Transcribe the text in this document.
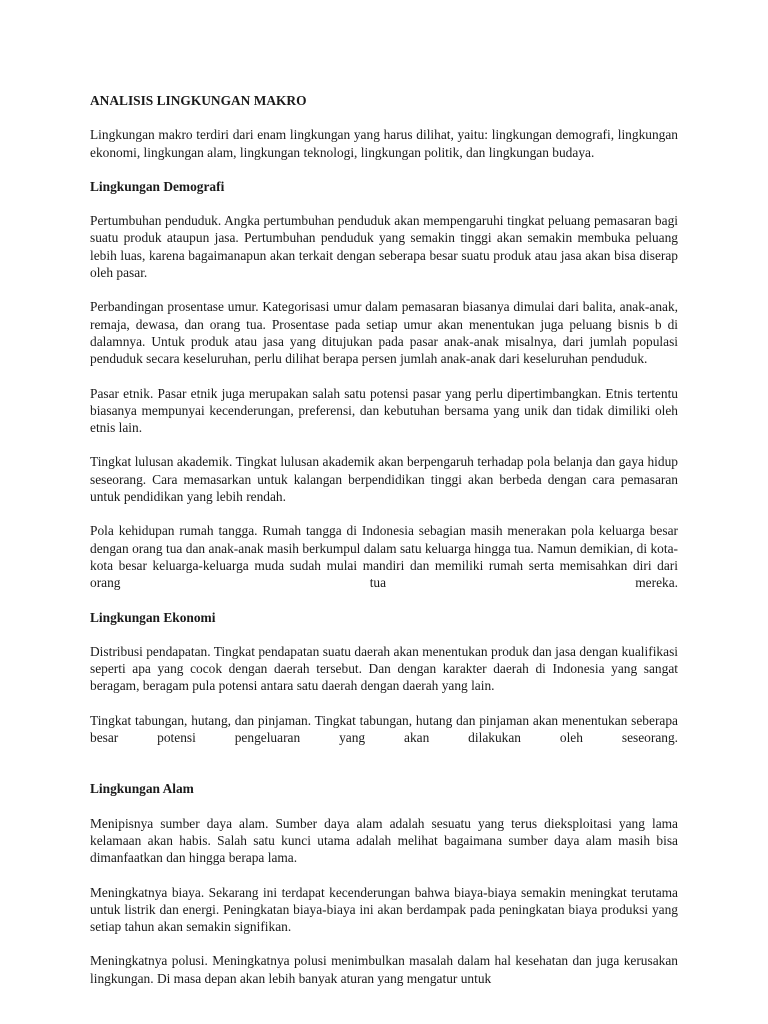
ANALISIS LINGKUNGAN MAKRO

Lingkungan makro terdiri dari enam lingkungan yang harus dilihat, yaitu: lingkungan demografi, lingkungan ekonomi, lingkungan alam, lingkungan teknologi, lingkungan politik, dan lingkungan budaya.

Lingkungan Demografi

Pertumbuhan penduduk. Angka pertumbuhan penduduk akan mempengaruhi tingkat peluang pemasaran bagi suatu produk ataupun jasa. Pertumbuhan penduduk yang semakin tinggi akan semakin membuka peluang lebih luas, karena bagaimanapun akan terkait dengan seberapa besar suatu produk atau jasa akan bisa diserap oleh pasar.

Perbandingan prosentase umur. Kategorisasi umur dalam pemasaran biasanya dimulai dari balita, anak-anak, remaja, dewasa, dan orang tua. Prosentase pada setiap umur akan menentukan juga peluang bisnis b di dalamnya. Untuk produk atau jasa yang ditujukan pada pasar anak-anak misalnya, dari jumlah populasi penduduk secara keseluruhan, perlu dilihat berapa persen jumlah anak-anak dari keseluruhan penduduk.

Pasar etnik. Pasar etnik juga merupakan salah satu potensi pasar yang perlu dipertimbangkan. Etnis tertentu biasanya mempunyai kecenderungan, preferensi, dan kebutuhan bersama yang unik dan tidak dimiliki oleh etnis lain.

Tingkat lulusan akademik. Tingkat lulusan akademik akan berpengaruh terhadap pola belanja dan gaya hidup seseorang. Cara memasarkan untuk kalangan berpendidikan tinggi akan berbeda dengan cara pemasaran untuk pendidikan yang lebih rendah.

Pola kehidupan rumah tangga. Rumah tangga di Indonesia sebagian masih menerakan pola keluarga besar dengan orang tua dan anak-anak masih berkumpul dalam satu keluarga hingga tua. Namun demikian, di kota-kota besar keluarga-keluarga muda sudah mulai mandiri dan memiliki rumah serta memisahkan diri dari orang tua mereka.

Lingkungan Ekonomi

Distribusi pendapatan. Tingkat pendapatan suatu daerah akan menentukan produk dan jasa dengan kualifikasi seperti apa yang cocok dengan daerah tersebut. Dan dengan karakter daerah di Indonesia yang sangat beragam, beragam pula potensi antara satu daerah dengan daerah yang lain.

Tingkat tabungan, hutang, dan pinjaman. Tingkat tabungan, hutang dan pinjaman akan menentukan seberapa besar potensi pengeluaran yang akan dilakukan oleh seseorang.

Lingkungan Alam

Menipisnya sumber daya alam. Sumber daya alam adalah sesuatu yang terus dieksploitasi yang lama kelamaan akan habis. Salah satu kunci utama adalah melihat bagaimana sumber daya alam masih bisa dimanfaatkan dan hingga berapa lama.

Meningkatnya biaya. Sekarang ini terdapat kecenderungan bahwa biaya-biaya semakin meningkat terutama untuk listrik dan energi. Peningkatan biaya-biaya ini akan berdampak pada peningkatan biaya produksi yang setiap tahun akan semakin signifikan.

Meningkatnya polusi. Meningkatnya polusi menimbulkan masalah dalam hal kesehatan dan juga kerusakan lingkungan. Di masa depan akan lebih banyak aturan yang mengatur untuk
